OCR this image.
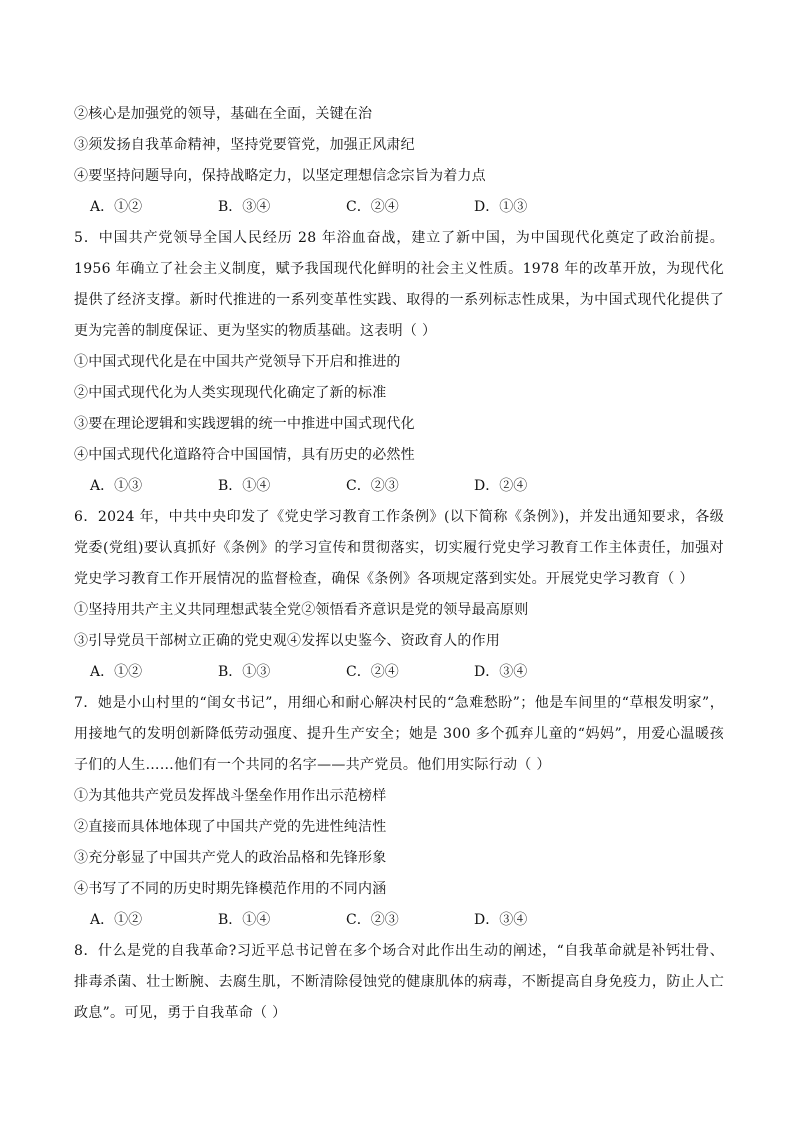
②核心是加强党的领导，基础在全面，关键在治
③须发扬自我革命精神，坚持党要管党，加强正风肃纪
④要坚持问题导向，保持战略定力，以坚定理想信念宗旨为着力点
A．①②	B．③④	C．②④	D．①③
5．中国共产党领导全国人民经历 28 年浴血奋战，建立了新中国，为中国现代化奠定了政治前提。1956 年确立了社会主义制度，赋予我国现代化鲜明的社会主义性质。1978 年的改革开放，为现代化提供了经济支撑。新时代推进的一系列变革性实践、取得的一系列标志性成果，为中国式现代化提供了更为完善的制度保证、更为坚实的物质基础。这表明（ ）
①中国式现代化是在中国共产党领导下开启和推进的
②中国式现代化为人类实现现代化确定了新的标准
③要在理论逻辑和实践逻辑的统一中推进中国式现代化
④中国式现代化道路符合中国国情，具有历史的必然性
A．①③	B．①④	C．②③	D．②④
6．2024 年，中共中央印发了《党史学习教育工作条例》(以下简称《条例》)，并发出通知要求，各级党委(党组)要认真抓好《条例》的学习宣传和贯彻落实，切实履行党史学习教育工作主体责任，加强对党史学习教育工作开展情况的监督检查，确保《条例》各项规定落到实处。开展党史学习教育（ ）
①坚持用共产主义共同理想武装全党②领悟看齐意识是党的领导最高原则
③引导党员干部树立正确的党史观④发挥以史鉴今、资政育人的作用
A．①②	B．①③	C．②④	D．③④
7．她是小山村里的“闺女书记”，用细心和耐心解决村民的“急难愁盼”；他是车间里的“草根发明家”，用接地气的发明创新降低劳动强度、提升生产安全；她是 300 多个孤弃儿童的“妈妈”，用爱心温暖孩子们的人生……他们有一个共同的名字——共产党员。他们用实际行动（ ）
①为其他共产党员发挥战斗堡垒作用作出示范榜样
②直接而具体地体现了中国共产党的先进性纯洁性
③充分彰显了中国共产党人的政治品格和先锋形象
④书写了不同的历史时期先锋模范作用的不同内涵
A．①②	B．①④	C．②③	D．③④
8．什么是党的自我革命?习近平总书记曾在多个场合对此作出生动的阐述，“自我革命就是补钙壮骨、排毒杀菌、壮士断腕、去腐生肌，不断清除侵蚀党的健康肌体的病毒，不断提高自身免疫力，防止人亡政息”。可见，勇于自我革命（ ）
